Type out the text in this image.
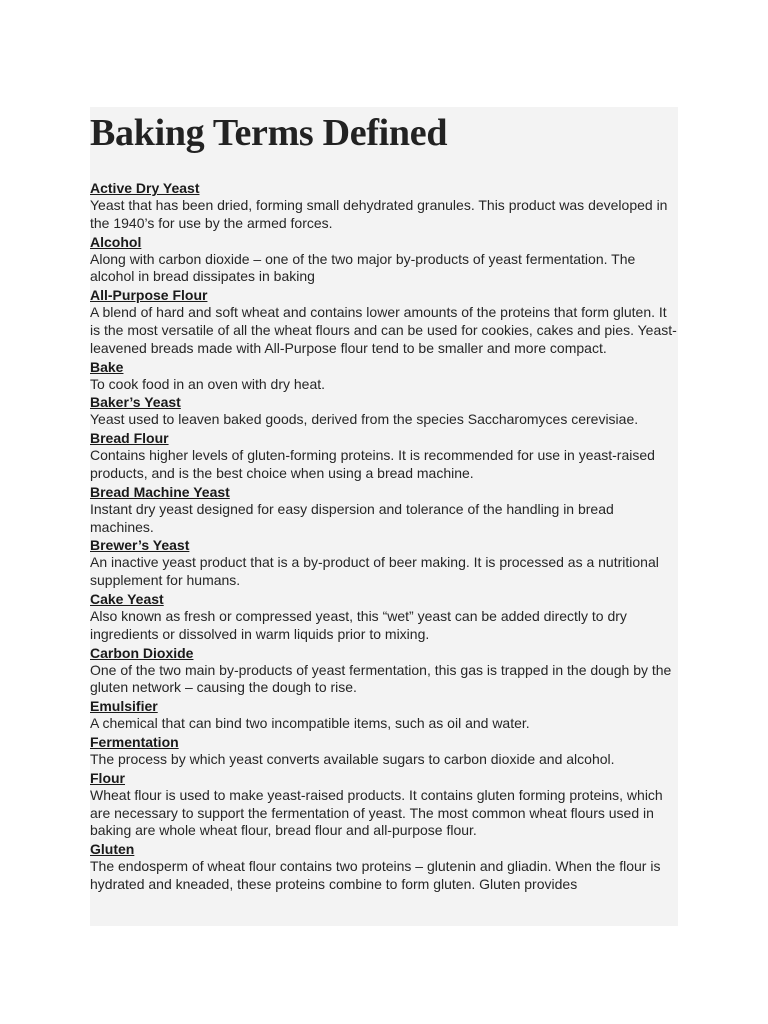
Baking Terms Defined
Active Dry Yeast
Yeast that has been dried, forming small dehydrated granules. This product was developed in the 1940’s for use by the armed forces.
Alcohol
Along with carbon dioxide – one of the two major by-products of yeast fermentation. The alcohol in bread dissipates in baking
All-Purpose Flour
A blend of hard and soft wheat and contains lower amounts of the proteins that form gluten. It is the most versatile of all the wheat flours and can be used for cookies, cakes and pies. Yeast-leavened breads made with All-Purpose flour tend to be smaller and more compact.
Bake
To cook food in an oven with dry heat.
Baker’s Yeast
Yeast used to leaven baked goods, derived from the species Saccharomyces cerevisiae.
Bread Flour
Contains higher levels of gluten-forming proteins. It is recommended for use in yeast-raised products, and is the best choice when using a bread machine.
Bread Machine Yeast
Instant dry yeast designed for easy dispersion and tolerance of the handling in bread machines.
Brewer’s Yeast
An inactive yeast product that is a by-product of beer making. It is processed as a nutritional supplement for humans.
Cake Yeast
Also known as fresh or compressed yeast, this “wet” yeast can be added directly to dry ingredients or dissolved in warm liquids prior to mixing.
Carbon Dioxide
One of the two main by-products of yeast fermentation, this gas is trapped in the dough by the gluten network – causing the dough to rise.
Emulsifier
A chemical that can bind two incompatible items, such as oil and water.
Fermentation
The process by which yeast converts available sugars to carbon dioxide and alcohol.
Flour
Wheat flour is used to make yeast-raised products. It contains gluten forming proteins, which are necessary to support the fermentation of yeast. The most common wheat flours used in baking are whole wheat flour, bread flour and all-purpose flour.
Gluten
The endosperm of wheat flour contains two proteins – glutenin and gliadin. When the flour is hydrated and kneaded, these proteins combine to form gluten. Gluten provides
